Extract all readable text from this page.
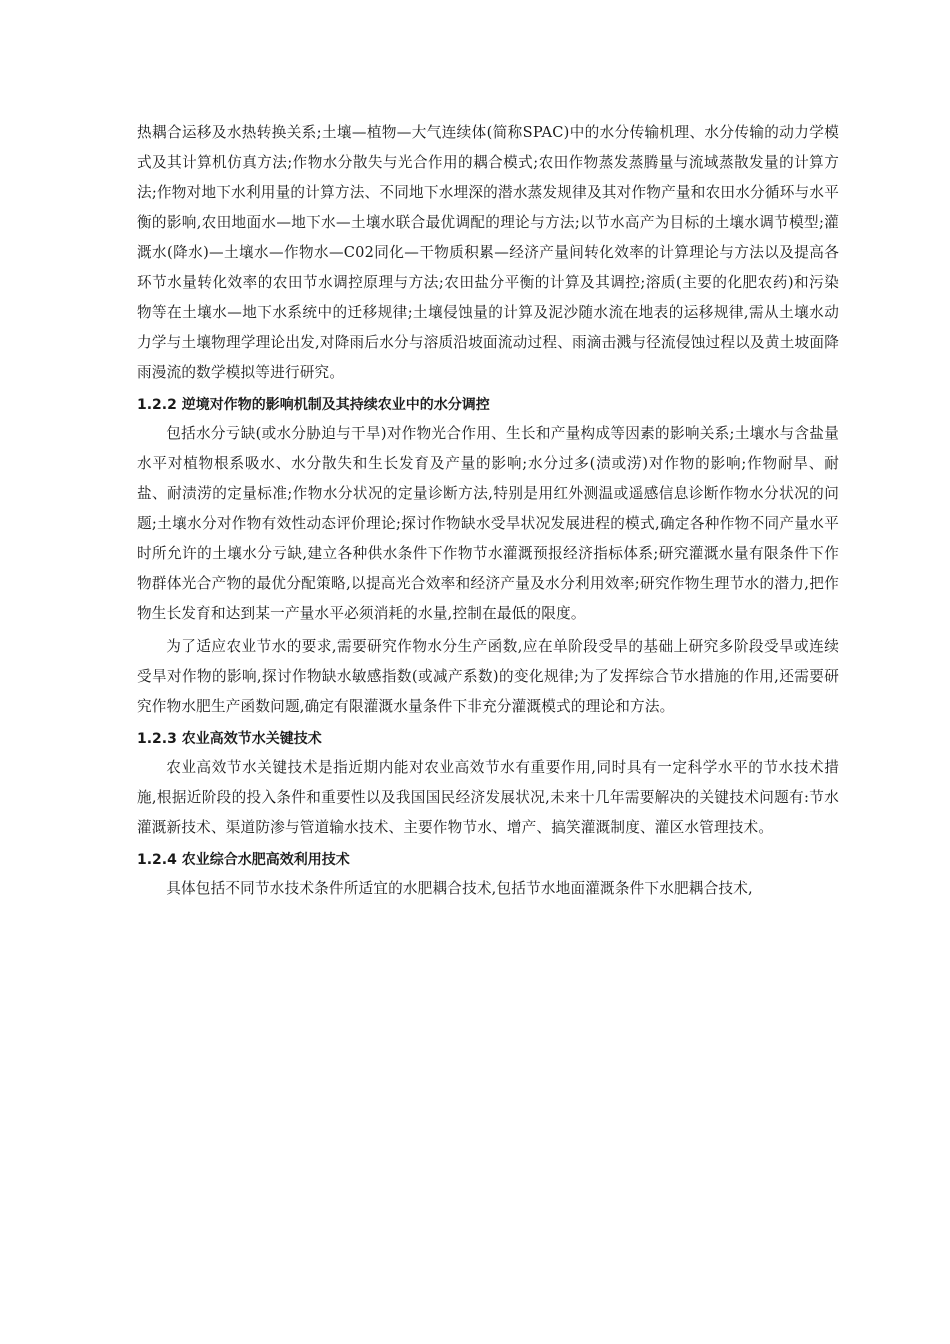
热耦合运移及水热转换关系;土壤—植物—大气连续体(简称SPAC)中的水分传输机理、水分传输的动力学模式及其计算机仿真方法;作物水分散失与光合作用的耦合模式;农田作物蒸发蒸腾量与流域蒸散发量的计算方法;作物对地下水利用量的计算方法、不同地下水埋深的潜水蒸发规律及其对作物产量和农田水分循环与水平衡的影响,农田地面水—地下水—土壤水联合最优调配的理论与方法;以节水高产为目标的土壤水调节模型;灌溉水(降水)—土壤水—作物水—C02同化—干物质积累—经济产量间转化效率的计算理论与方法以及提高各环节水量转化效率的农田节水调控原理与方法;农田盐分平衡的计算及其调控;溶质(主要的化肥农药)和污染物等在土壤水—地下水系统中的迁移规律;土壤侵蚀量的计算及泥沙随水流在地表的运移规律,需从土壤水动力学与土壤物理学理论出发,对降雨后水分与溶质沿坡面流动过程、雨滴击溅与径流侵蚀过程以及黄土坡面降雨漫流的数学模拟等进行研究。

1.2.2 逆境对作物的影响机制及其持续农业中的水分调控

包括水分亏缺(或水分胁迫与干旱)对作物光合作用、生长和产量构成等因素的影响关系;土壤水与含盐量水平对植物根系吸水、水分散失和生长发育及产量的影响;水分过多(渍或涝)对作物的影响;作物耐旱、耐盐、耐渍涝的定量标准;作物水分状况的定量诊断方法,特别是用红外测温或遥感信息诊断作物水分状况的问题;土壤水分对作物有效性动态评价理论;探讨作物缺水受旱状况发展进程的模式,确定各种作物不同产量水平时所允许的土壤水分亏缺,建立各种供水条件下作物节水灌溉预报经济指标体系;研究灌溉水量有限条件下作物群体光合产物的最优分配策略,以提高光合效率和经济产量及水分利用效率;研究作物生理节水的潜力,把作物生长发育和达到某一产量水平必须消耗的水量,控制在最低的限度。

为了适应农业节水的要求,需要研究作物水分生产函数,应在单阶段受旱的基础上研究多阶段受旱或连续受旱对作物的影响,探讨作物缺水敏感指数(或减产系数)的变化规律;为了发挥综合节水措施的作用,还需要研究作物水肥生产函数问题,确定有限灌溉水量条件下非充分灌溉模式的理论和方法。

1.2.3 农业高效节水关键技术

农业高效节水关键技术是指近期内能对农业高效节水有重要作用,同时具有一定科学水平的节水技术措施,根据近阶段的投入条件和重要性以及我国国民经济发展状况,未来十几年需要解决的关键技术问题有:节水灌溉新技术、渠道防渗与管道输水技术、主要作物节水、增产、搞笑灌溉制度、灌区水管理技术。

1.2.4 农业综合水肥高效利用技术

具体包括不同节水技术条件所适宜的水肥耦合技术,包括节水地面灌溉条件下水肥耦合技术,
